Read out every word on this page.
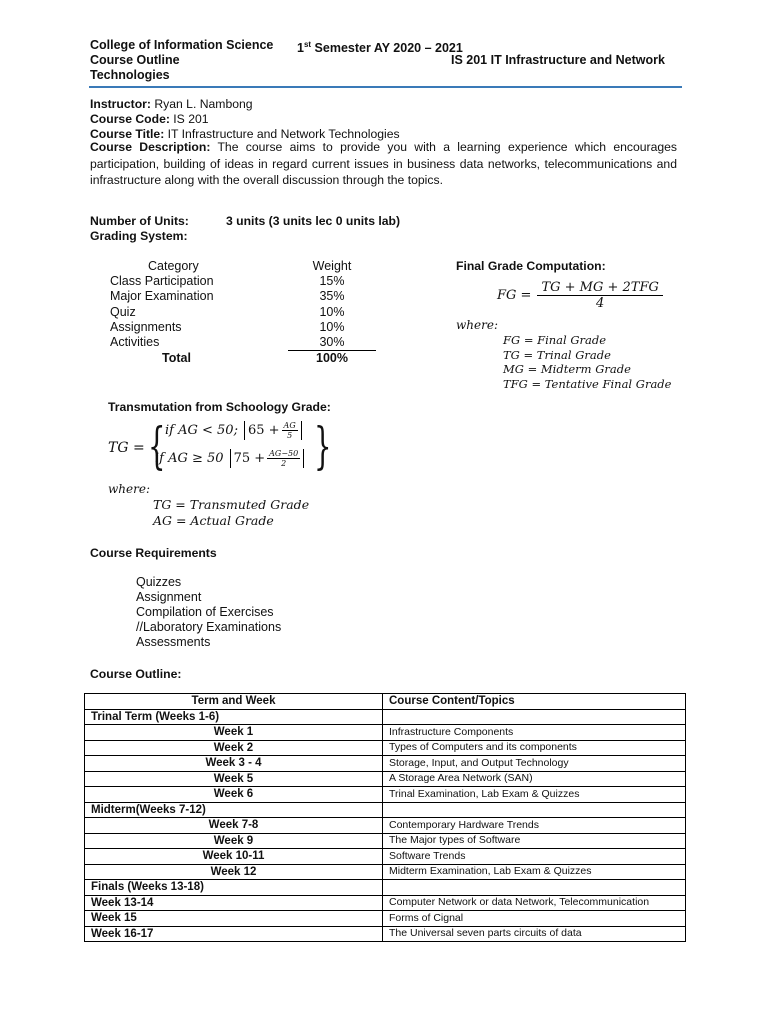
College of Information Science 1st Semester AY 2020 – 2021
Course Outline	IS 201 IT Infrastructure and Network
Technologies
Instructor: Ryan L. Nambong
Course Code: IS 201
Course Title: IT Infrastructure and Network Technologies
Course Description: The course aims to provide you with a learning experience which encourages participation, building of ideas in regard current issues in business data networks, telecommunications and infrastructure along with the overall discussion through the topics.
Number of Units:	3 units (3 units lec 0 units lab)
Grading System:
Category	Weight
Class Participation	15%
Major Examination	35%
Quiz	10%
Assignments	10%
Activities	30%
Total	100%
Final Grade Computation:
FG = $\frac{\text{TG + MG + 2TFG}}{4}$
where:
FG = Final Grade
TG = Trinal Grade
MG = Midterm Grade
TFG = Tentative Final Grade
Transmutation from Schoology Grade:
TG = { if AG < 50; $65 + \frac{AG}{5}$
if AG ≥ 50 $75 + \frac{AG-50}{2}$ }
where:
TG = Transmuted Grade
AG = Actual Grade
Course Requirements
Quizzes
Assignment
Compilation of Exercises
//Laboratory Examinations
Assessments
Course Outline:
Term and Week	Course Content/Topics
Trinal Term (Weeks 1-6)	
Week 1	Infrastructure Components
Week 2	Types of Computers and its components
Week 3 - 4	Storage, Input, and Output Technology
Week 5	A Storage Area Network (SAN)
Week 6	Trinal Examination, Lab Exam & Quizzes
Midterm(Weeks 7-12)	
Week 7-8	Contemporary Hardware Trends
Week 9	The Major types of Software
Week 10-11	Software Trends
Week 12	Midterm Examination, Lab Exam & Quizzes
Finals (Weeks 13-18)	
Week 13-14	Computer Network or data Network, Telecommunication
Week 15	Forms of Cignal
Week 16-17	The Universal seven parts circuits of data
